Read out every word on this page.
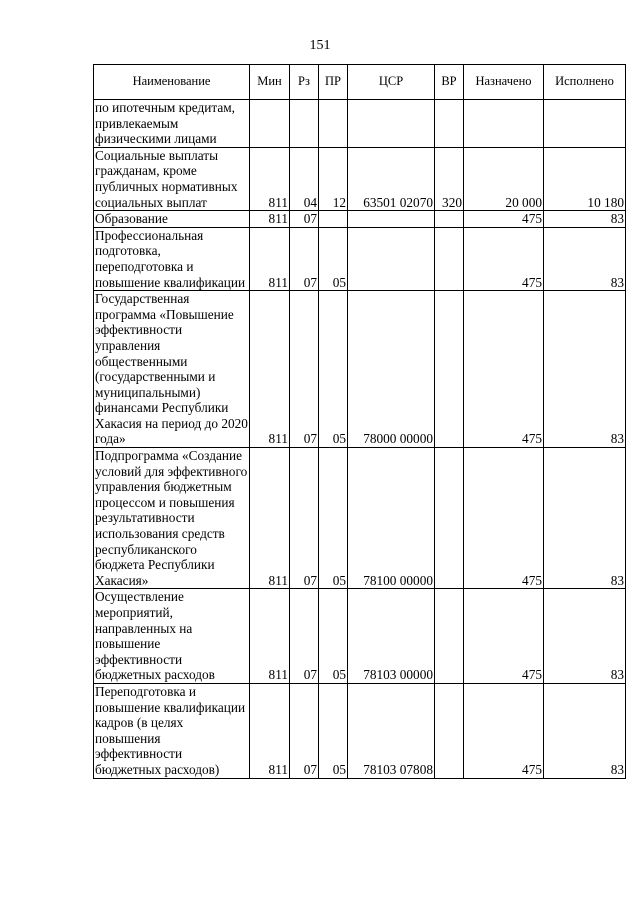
151
Наименование	Мин	Рз	ПР	ЦСР	ВР	Назначено	Исполнено
по ипотечным кредитам, привлекаемым физическими лицами							
Социальные выплаты гражданам, кроме публичных нормативных социальных выплат	811	04	12	63501 02070	320	20 000	10 180
Образование	811	07				475	83
Профессиональная подготовка, переподготовка и повышение квалификации	811	07	05			475	83
Государственная программа «Повышение эффективности управления общественными (государственными и муниципальными) финансами Республики Хакасия на период до 2020 года»	811	07	05	78000 00000		475	83
Подпрограмма «Создание условий для эффективного управления бюджетным процессом и повышения результативности использования средств республиканского бюджета Республики Хакасия»	811	07	05	78100 00000		475	83
Осуществление мероприятий, направленных на повышение эффективности бюджетных расходов	811	07	05	78103 00000		475	83
Переподготовка и повышение квалификации кадров (в целях повышения эффективности бюджетных расходов)	811	07	05	78103 07808		475	83
